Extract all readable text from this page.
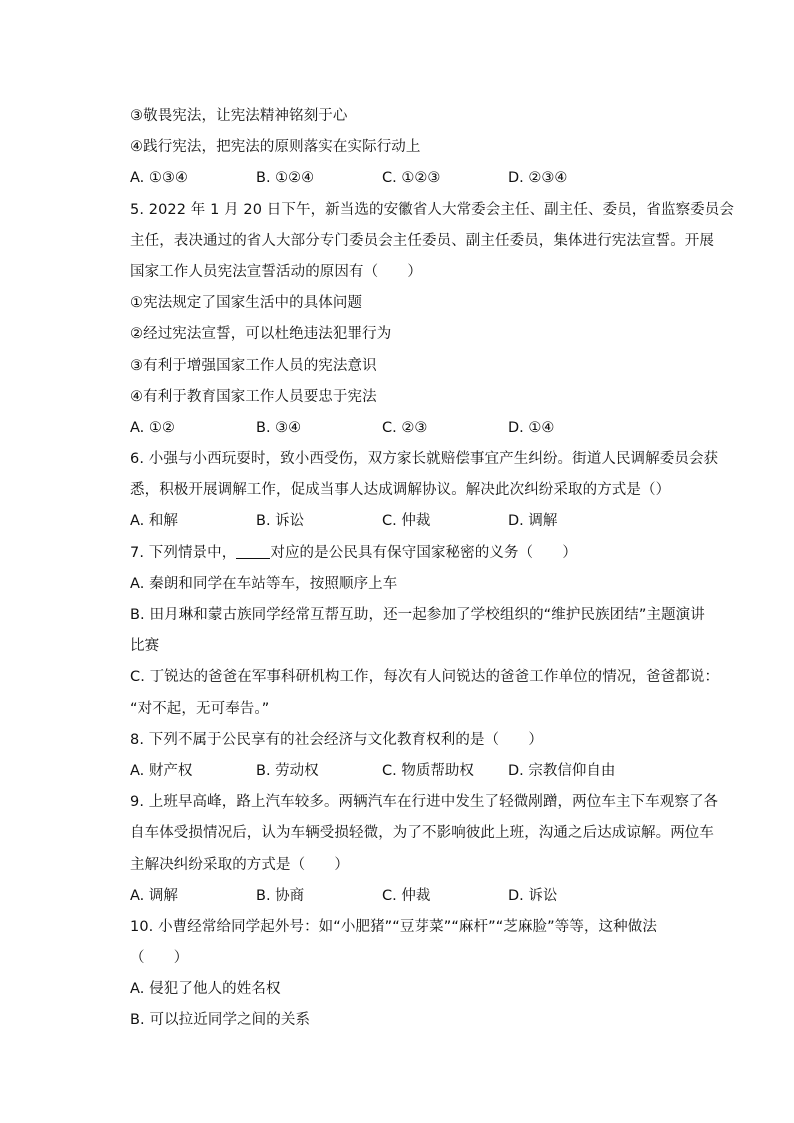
③敬畏宪法，让宪法精神铭刻于心
④践行宪法，把宪法的原则落实在实际行动上
A. ①③④	B. ①②④	C. ①②③	D. ②③④
5. 2022 年 1 月 20 日下午，新当选的安徽省人大常委会主任、副主任、委员，省监察委员会
主任，表决通过的省人大部分专门委员会主任委员、副主任委员，集体进行宪法宣誓。开展
国家工作人员宪法宣誓活动的原因有（　　）
①宪法规定了国家生活中的具体问题
②经过宪法宣誓，可以杜绝违法犯罪行为
③有利于增强国家工作人员的宪法意识
④有利于教育国家工作人员要忠于宪法
A. ①②	B. ③④	C. ②③	D. ①④
6. 小强与小西玩耍时，致小西受伤，双方家长就赔偿事宜产生纠纷。街道人民调解委员会获
悉，积极开展调解工作，促成当事人达成调解协议。解决此次纠纷采取的方式是（）
A. 和解	B. 诉讼	C. 仲裁	D. 调解
7. 下列情景中， 对应的是公民具有保守国家秘密的义务（　　）
A. 秦朗和同学在车站等车，按照顺序上车
B. 田月琳和蒙古族同学经常互帮互助，还一起参加了学校组织的“维护民族团结”主题演讲
比赛
C. 丁锐达的爸爸在军事科研机构工作，每次有人问锐达的爸爸工作单位的情况，爸爸都说：
“对不起，无可奉告。”
8. 下列不属于公民享有的社会经济与文化教育权利的是（　　）
A. 财产权	B. 劳动权	C. 物质帮助权	D. 宗教信仰自由
9. 上班早高峰，路上汽车较多。两辆汽车在行进中发生了轻微剐蹭，两位车主下车观察了各
自车体受损情况后，认为车辆受损轻微，为了不影响彼此上班，沟通之后达成谅解。两位车
主解决纠纷采取的方式是（　　）
A. 调解	B. 协商	C. 仲裁	D. 诉讼
10. 小曹经常给同学起外号：如“小肥猪”“豆芽菜”“麻杆”“芝麻脸”等等，这种做法
（　　）
A. 侵犯了他人的姓名权
B. 可以拉近同学之间的关系
